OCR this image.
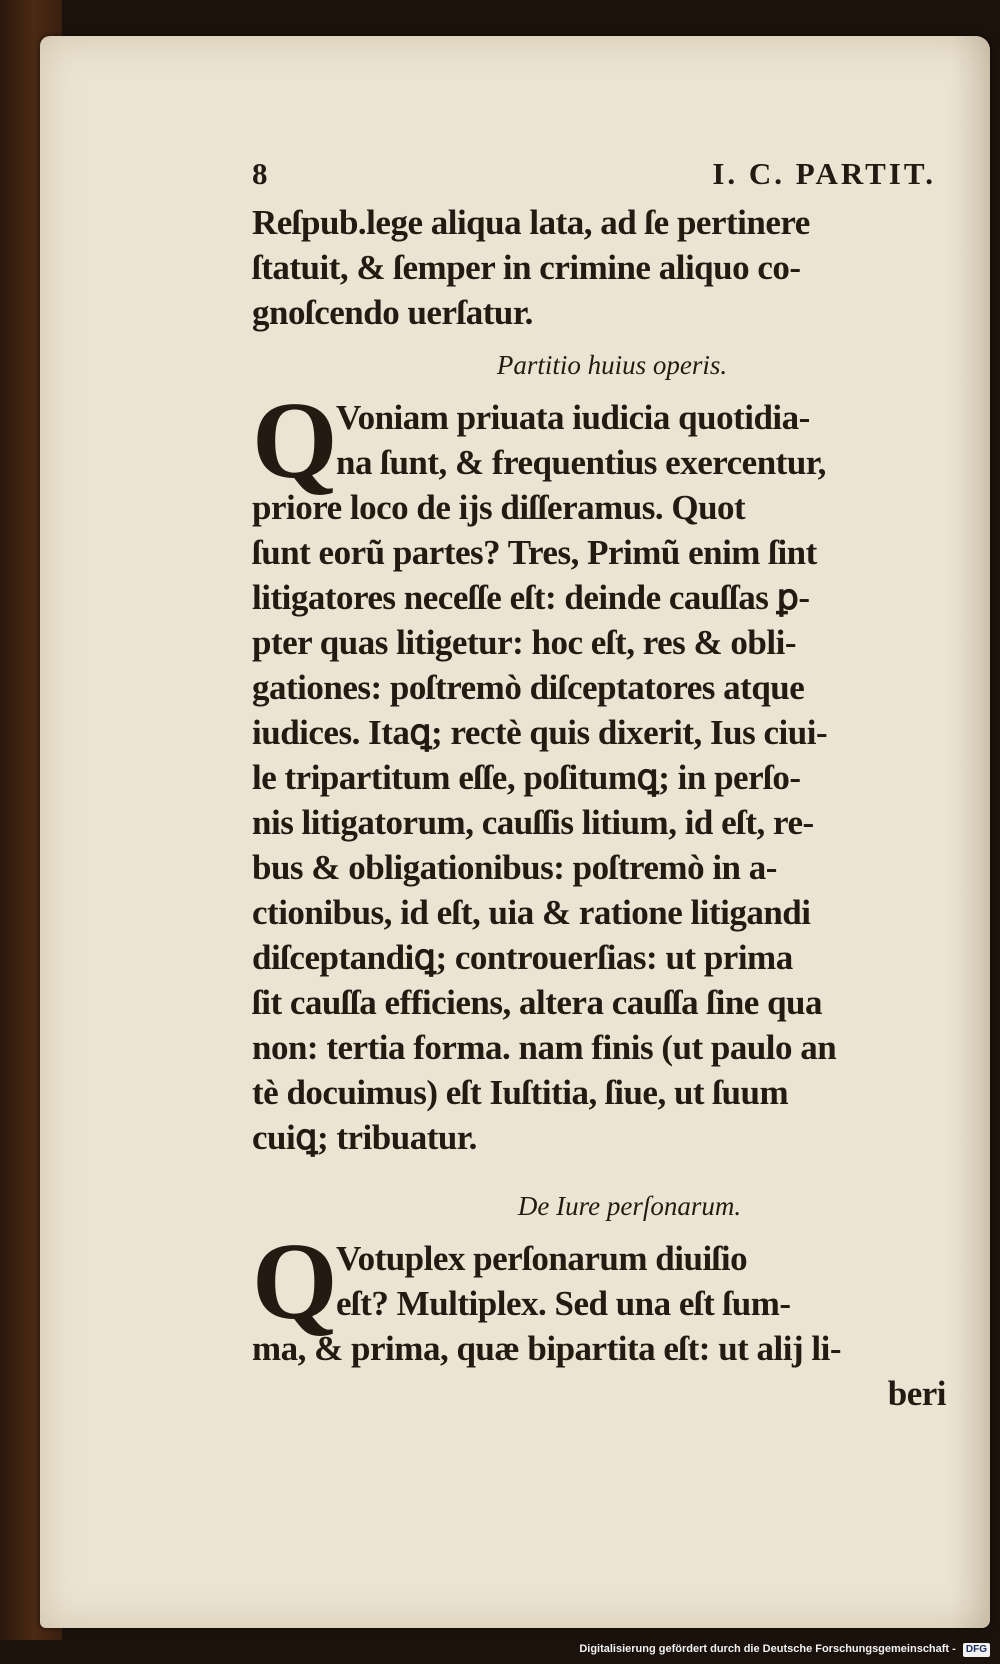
8	I. C. PARTIT.
Reſpub.lege aliqua lata, ad ſe pertinere
ſtatuit, & ſemper in crimine aliquo co-
gnoſcendo uerſatur.
Partitio huius operis.
Q
Voniam priuata iudicia quotidia-
na ſunt, & frequentius exercentur,
priore loco de ijs diſſeramus. Quot
ſunt eorũ partes? Tres, Primũ enim ſint
litigatores neceſſe eſt: deinde cauſſas ꝑ-
pter quas litigetur: hoc eſt, res & obli-
gationes: poſtremò diſceptatores atque
iudices. Itaꝗ; rectè quis dixerit, Ius ciui-
le tripartitum eſſe, poſitumꝗ; in perſo-
nis litigatorum, cauſſis litium, id eſt, re-
bus & obligationibus: poſtremò in a-
ctionibus, id eſt, uia & ratione litigandi
diſceptandiꝗ; controuerſias: ut prima
ſit cauſſa efficiens, altera cauſſa ſine qua
non: tertia forma. nam finis (ut paulo an
tè docuimus) eſt Iuſtitia, ſiue, ut ſuum
cuiꝗ; tribuatur.
De Iure perſonarum.
Q
Votuplex perſonarum diuiſio
eſt? Multiplex. Sed una eſt ſum-
ma, & prima, quæ bipartita eſt: ut alij li-
beri
Digitalisierung gefördert durch die Deutsche Forschungsgemeinschaft - DFG
